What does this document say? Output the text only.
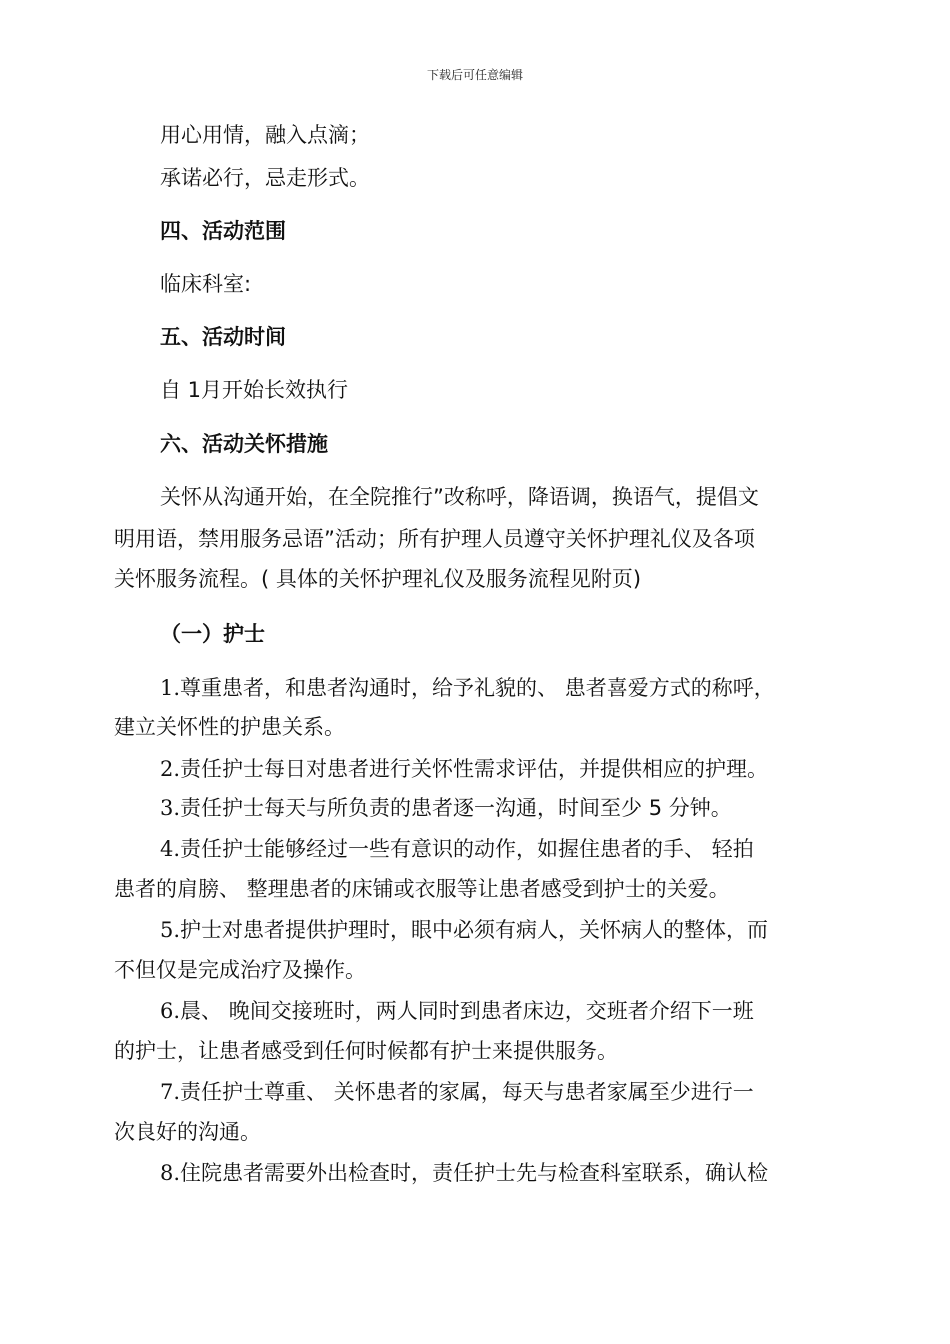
下载后可任意编辑
用心用情，融入点滴；
承诺必行，忌走形式。
四、活动范围
临床科室:
五、活动时间
自 1月开始长效执行
六、活动关怀措施
关怀从沟通开始，在全院推行”改称呼，降语调，换语气，提倡文
明用语，禁用服务忌语”活动；所有护理人员遵守关怀护理礼仪及各项
关怀服务流程。( 具体的关怀护理礼仪及服务流程见附页)
（一）护士
1.尊重患者，和患者沟通时，给予礼貌的、 患者喜爱方式的称呼，
建立关怀性的护患关系。
2.责任护士每日对患者进行关怀性需求评估，并提供相应的护理。
3.责任护士每天与所负责的患者逐一沟通，时间至少 5 分钟。
4.责任护士能够经过一些有意识的动作，如握住患者的手、 轻拍
患者的肩膀、 整理患者的床铺或衣服等让患者感受到护士的关爱。
5.护士对患者提供护理时，眼中必须有病人，关怀病人的整体，而
不但仅是完成治疗及操作。
6.晨、 晚间交接班时，两人同时到患者床边，交班者介绍下一班
的护士，让患者感受到任何时候都有护士来提供服务。
7.责任护士尊重、 关怀患者的家属，每天与患者家属至少进行一
次良好的沟通。
8.住院患者需要外出检查时，责任护士先与检查科室联系，确认检
